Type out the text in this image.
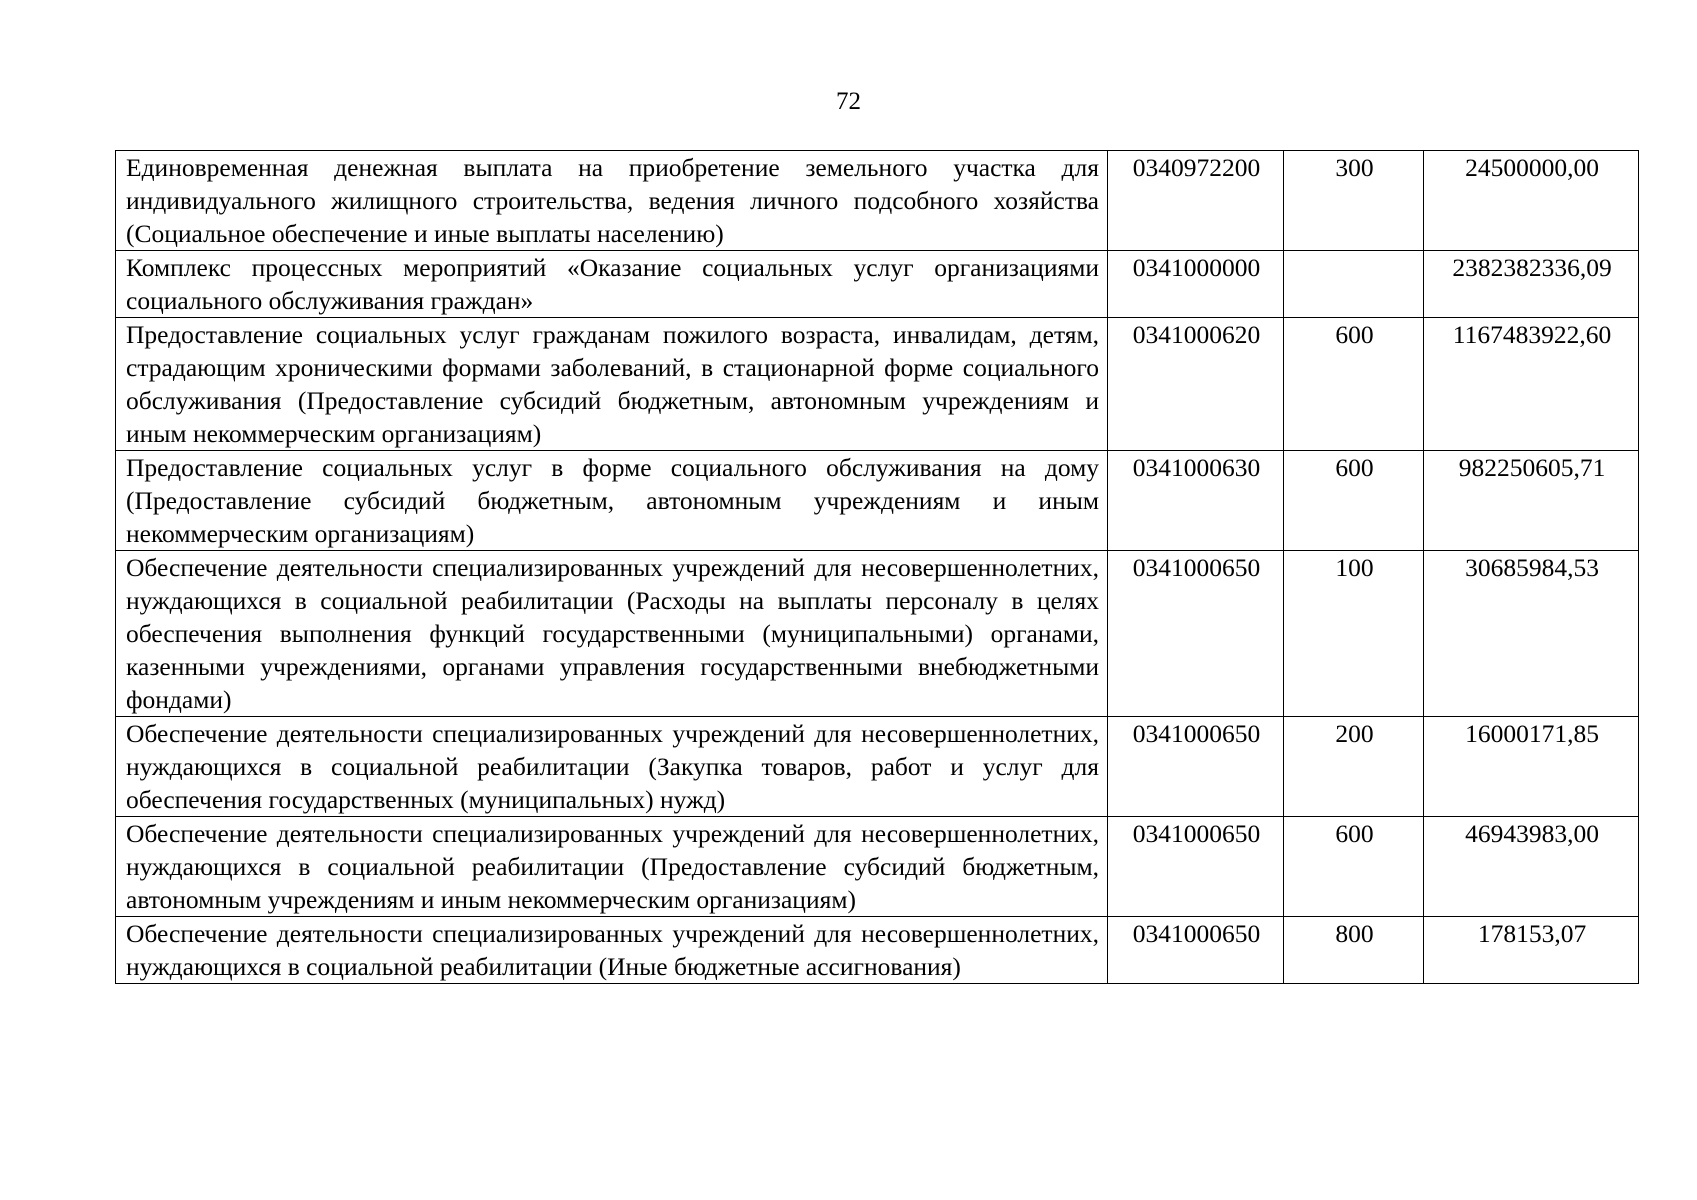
72
Единовременная денежная выплата на приобретение земельного участка для индивидуального жилищного строительства, ведения личного подсобного хозяйства (Социальное обеспечение и иные выплаты населению)	0340972200	300	24500000,00
Комплекс процессных мероприятий «Оказание социальных услуг организациями социального обслуживания граждан»	0341000000		2382382336,09
Предоставление социальных услуг гражданам пожилого возраста, инвалидам, детям, страдающим хроническими формами заболеваний, в стационарной форме социального обслуживания (Предоставление субсидий бюджетным, автономным учреждениям и иным некоммерческим организациям)	0341000620	600	1167483922,60
Предоставление социальных услуг в форме социального обслуживания на дому (Предоставление субсидий бюджетным, автономным учреждениям и иным некоммерческим организациям)	0341000630	600	982250605,71
Обеспечение деятельности специализированных учреждений для несовершеннолетних, нуждающихся в социальной реабилитации (Расходы на выплаты персоналу в целях обеспечения выполнения функций государственными (муниципальными) органами, казенными учреждениями, органами управления государственными внебюджетными фондами)	0341000650	100	30685984,53
Обеспечение деятельности специализированных учреждений для несовершеннолетних, нуждающихся в социальной реабилитации (Закупка товаров, работ и услуг для обеспечения государственных (муниципальных) нужд)	0341000650	200	16000171,85
Обеспечение деятельности специализированных учреждений для несовершеннолетних, нуждающихся в социальной реабилитации (Предоставление субсидий бюджетным, автономным учреждениям и иным некоммерческим организациям)	0341000650	600	46943983,00
Обеспечение деятельности специализированных учреждений для несовершеннолетних, нуждающихся в социальной реабилитации (Иные бюджетные ассигнования)	0341000650	800	178153,07
